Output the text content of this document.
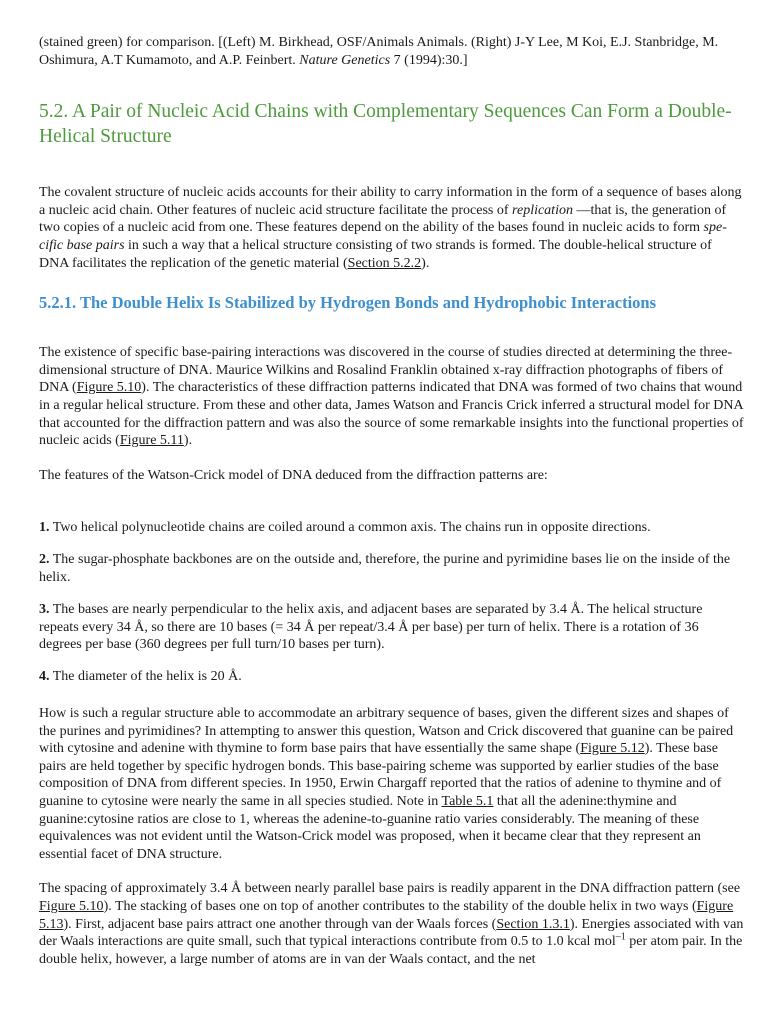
(stained green) for comparison. [(Left) M. Birkhead, OSF/Animals Animals. (Right) J-Y Lee, M Koi, E.J. Stanbridge, M. Oshimura, A.T Kumamoto, and A.P. Feinbert. Nature Genetics 7 (1994):30.]

5.2. A Pair of Nucleic Acid Chains with Complementary Sequences Can Form a Double-Helical Structure

The covalent structure of nucleic acids accounts for their ability to carry information in the form of a sequence of bases along a nucleic acid chain. Other features of nucleic acid structure facilitate the process of replication —that is, the generation of two copies of a nucleic acid from one. These features depend on the ability of the bases found in nucleic acids to form spe-cific base pairs in such a way that a helical structure consisting of two strands is formed. The double-helical structure of DNA facilitates the replication of the genetic material (Section 5.2.2).

5.2.1. The Double Helix Is Stabilized by Hydrogen Bonds and Hydrophobic Interactions

The existence of specific base-pairing interactions was discovered in the course of studies directed at determining the three-dimensional structure of DNA. Maurice Wilkins and Rosalind Franklin obtained x-ray diffraction photographs of fibers of DNA (Figure 5.10). The characteristics of these diffraction patterns indicated that DNA was formed of two chains that wound in a regular helical structure. From these and other data, James Watson and Francis Crick inferred a structural model for DNA that accounted for the diffraction pattern and was also the source of some remarkable insights into the functional properties of nucleic acids (Figure 5.11).

The features of the Watson-Crick model of DNA deduced from the diffraction patterns are:

1. Two helical polynucleotide chains are coiled around a common axis. The chains run in opposite directions.

2. The sugar-phosphate backbones are on the outside and, therefore, the purine and pyrimidine bases lie on the inside of the helix.

3. The bases are nearly perpendicular to the helix axis, and adjacent bases are separated by 3.4 Å. The helical structure repeats every 34 Å, so there are 10 bases (= 34 Å per repeat/3.4 Å per base) per turn of helix. There is a rotation of 36 degrees per base (360 degrees per full turn/10 bases per turn).

4. The diameter of the helix is 20 Å.

How is such a regular structure able to accommodate an arbitrary sequence of bases, given the different sizes and shapes of the purines and pyrimidines? In attempting to answer this question, Watson and Crick discovered that guanine can be paired with cytosine and adenine with thymine to form base pairs that have essentially the same shape (Figure 5.12). These base pairs are held together by specific hydrogen bonds. This base-pairing scheme was supported by earlier studies of the base composition of DNA from different species. In 1950, Erwin Chargaff reported that the ratios of adenine to thymine and of guanine to cytosine were nearly the same in all species studied. Note in Table 5.1 that all the adenine:thymine and guanine:cytosine ratios are close to 1, whereas the adenine-to-guanine ratio varies considerably. The meaning of these equivalences was not evident until the Watson-Crick model was proposed, when it became clear that they represent an essential facet of DNA structure.

The spacing of approximately 3.4 Å between nearly parallel base pairs is readily apparent in the DNA diffraction pattern (see Figure 5.10). The stacking of bases one on top of another contributes to the stability of the double helix in two ways (Figure 5.13). First, adjacent base pairs attract one another through van der Waals forces (Section 1.3.1). Energies associated with van der Waals interactions are quite small, such that typical interactions contribute from 0.5 to 1.0 kcal mol$^{-1}$ per atom pair. In the double helix, however, a large number of atoms are in van der Waals contact, and the net
